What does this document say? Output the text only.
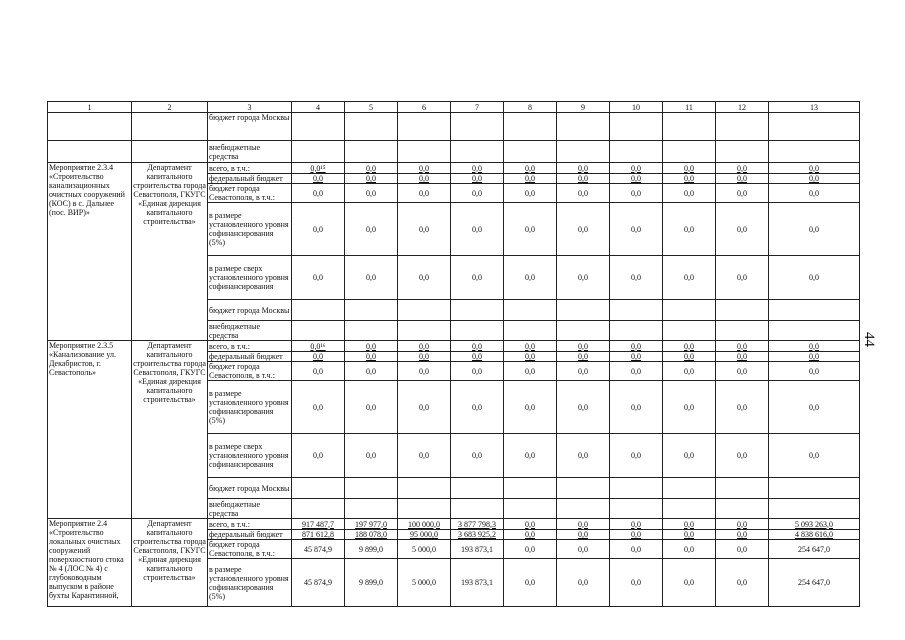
44
1	2	3	4	5	6	7	8	9	10	11	12	13
		бюджет города Москвы										
		внебюджетные средства										
Мероприятие 2.3.4 «Строительство канализационных очистных сооружений (КОС) в с. Дальнее (пос. ВИР)»	Департамент капитального строительства города Севастополя, ГКУГС «Единая дирекция капитального строительства»	всего, в т.ч.:	0,0¹⁵	0,0	0,0	0,0	0,0	0,0	0,0	0,0	0,0	0,0
		федеральный бюджет	0,0	0,0	0,0	0,0	0,0	0,0	0,0	0,0	0,0	0,0
		бюджет города Севастополя, в т.ч.:	0,0	0,0	0,0	0,0	0,0	0,0	0,0	0,0	0,0	0,0
		в размере установленного уровня софинансирования (5%)	0,0	0,0	0,0	0,0	0,0	0,0	0,0	0,0	0,0	0,0
		в размере сверх установленного уровня софинансирования	0,0	0,0	0,0	0,0	0,0	0,0	0,0	0,0	0,0	0,0
		бюджет города Москвы										
		внебюджетные средства										
Мероприятие 2.3.5 «Канализование ул. Декабристов, г. Севастополь»	Департамент капитального строительства города Севастополя, ГКУГС «Единая дирекция капитального строительства»	всего, в т.ч.:	0,0¹⁶	0,0	0,0	0,0	0,0	0,0	0,0	0,0	0,0	0,0
		федеральный бюджет	0,0	0,0	0,0	0,0	0,0	0,0	0,0	0,0	0,0	0,0
		бюджет города Севастополя, в т.ч.:	0,0	0,0	0,0	0,0	0,0	0,0	0,0	0,0	0,0	0,0
		в размере установленного уровня софинансирования (5%)	0,0	0,0	0,0	0,0	0,0	0,0	0,0	0,0	0,0	0,0
		в размере сверх установленного уровня софинансирования	0,0	0,0	0,0	0,0	0,0	0,0	0,0	0,0	0,0	0,0
		бюджет города Москвы										
		внебюджетные средства										
Мероприятие 2.4 «Строительство локальных очистных сооружений поверхностного стока № 4 (ЛОС № 4) с глубоководным выпуском в районе бухты Карантинной,	Департамент капитального строительства города Севастополя, ГКУГС «Единая дирекция капитального строительства»	всего, в т.ч.:	917 487,7	197 977,0	100 000,0	3 877 798,3	0,0	0,0	0,0	0,0	0,0	5 093 263,0
		федеральный бюджет	871 612,8	188 078,0	95 000,0	3 683 925,2	0,0	0,0	0,0	0,0	0,0	4 838 616,0
		бюджет города Севастополя, в т.ч.:	45 874,9	9 899,0	5 000,0	193 873,1	0,0	0,0	0,0	0,0	0,0	254 647,0
		в размере установленного уровня софинансирования (5%)	45 874,9	9 899,0	5 000,0	193 873,1	0,0	0,0	0,0	0,0	0,0	254 647,0
